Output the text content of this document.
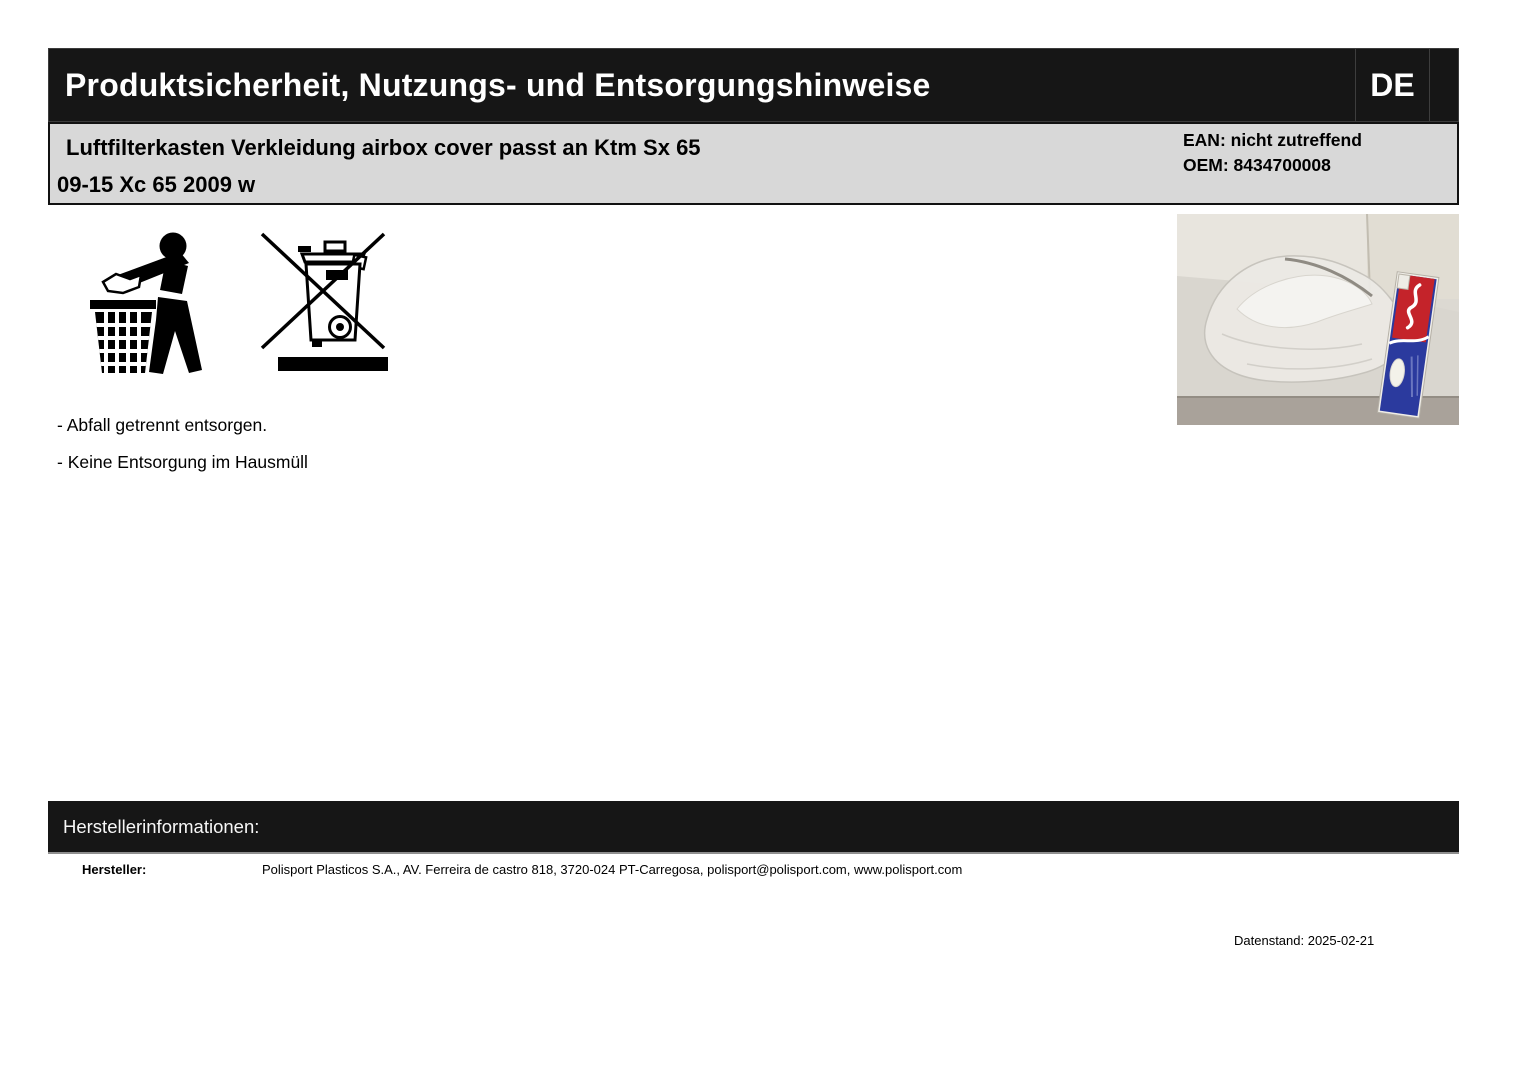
Produktsicherheit, Nutzungs- und Entsorgungshinweise	DE
Luftfilterkasten Verkleidung airbox cover passt an Ktm Sx 65
09-15 Xc 65 2009 w
EAN: nicht zutreffend
OEM: 8434700008
- Abfall getrennt entsorgen.
- Keine Entsorgung im Hausmüll
Herstellerinformationen:
Hersteller:	Polisport Plasticos S.A., AV. Ferreira de castro 818, 3720-024 PT-Carregosa, polisport@polisport.com, www.polisport.com
Datenstand: 2025-02-21
